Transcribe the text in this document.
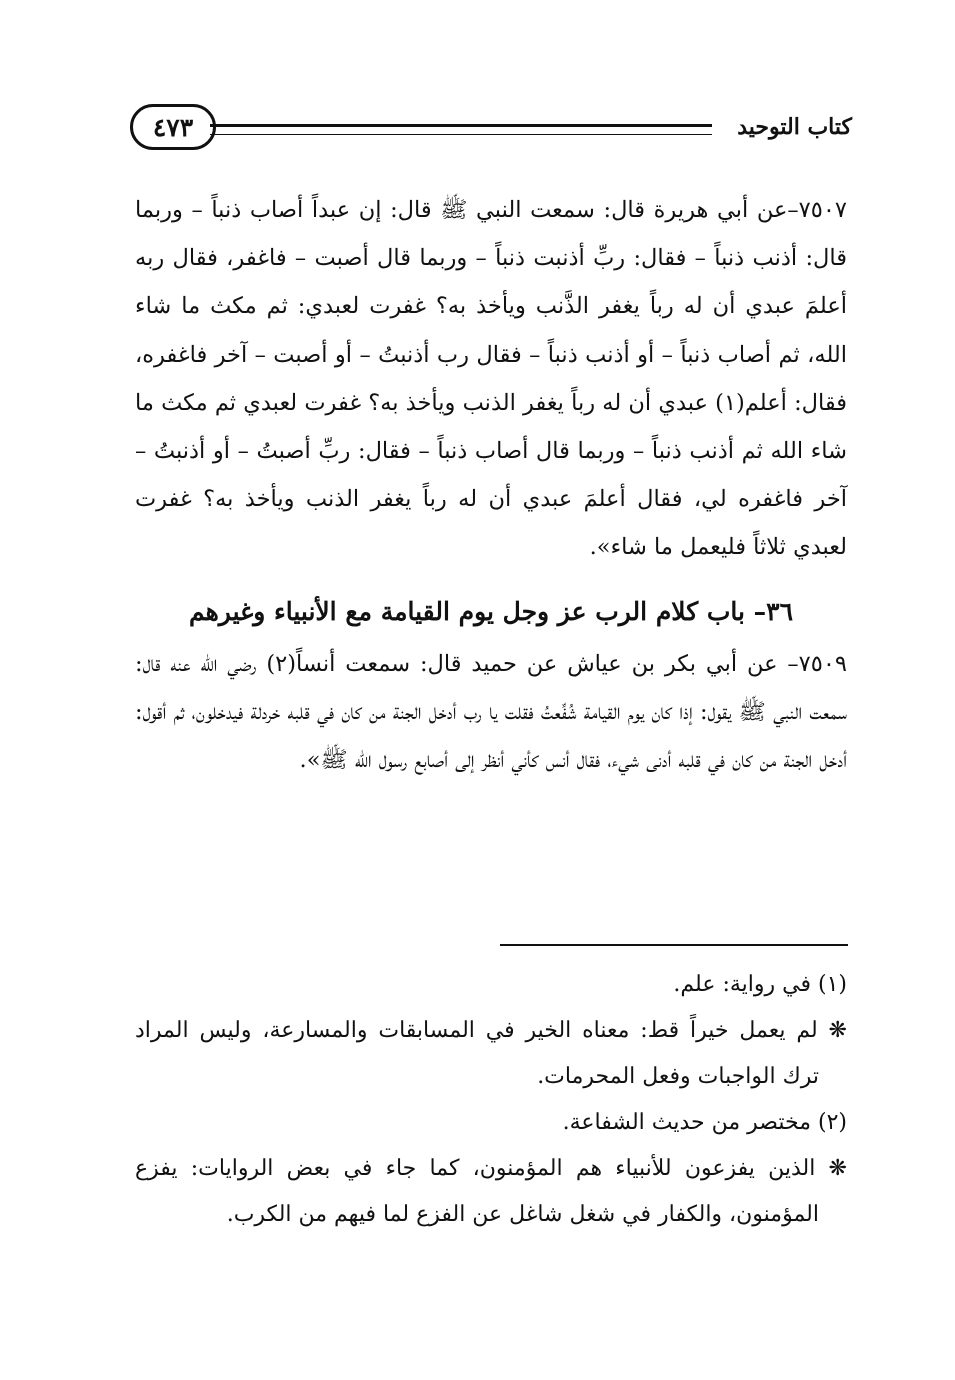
كتاب التوحيد
٤٧٣

٧٥٠٧–عن أبي هريرة قال: سمعت النبي ﷺ قال: إن عبداً أصاب ذنباً – وربما قال: أذنب ذنباً – فقال: ربِّ أذنبت ذنباً – وربما قال أصبت – فاغفر، فقال ربه أعلمَ عبدي أن له رباً يغفر الذَّنب ويأخذ به؟ غفرت لعبدي: ثم مكث ما شاء الله، ثم أصاب ذنباً – أو أذنب ذنباً – فقال رب أذنبتُ – أو أصبت – آخر فاغفره، فقال: أعلم(١) عبدي أن له رباً يغفر الذنب ويأخذ به؟ غفرت لعبدي ثم مكث ما شاء الله ثم أذنب ذنباً – وربما قال أصاب ذنباً – فقال: ربِّ أصبتُ – أو أذنبتُ – آخر فاغفره لي، فقال أعلمَ عبدي أن له رباً يغفر الذنب ويأخذ به؟ غفرت لعبدي ثلاثاً فليعمل ما شاء».

٣٦– باب كلام الرب عز وجل يوم القيامة مع الأنبياء وغيرهم

٧٥٠٩– عن أبي بكر بن عياش عن حميد قال: سمعت أنساً(٢) رضي الله عنه قال: سمعت النبي ﷺ يقول: إذا كان يوم القيامة شُفِّعتُ فقلت يا رب أدخل الجنة من كان في قلبه خردلة فيدخلون، ثم أقول: أدخل الجنة من كان في قلبه أدنى شيء، فقال أنس كأني أنظر إلى أصابع رسول الله ﷺ».

(١) في رواية: علم.

❋ لم يعمل خيراً قط: معناه الخير في المسابقات والمسارعة، وليس المراد ترك الواجبات وفعل المحرمات.

(٢) مختصر من حديث الشفاعة.

❋ الذين يفزعون للأنبياء هم المؤمنون، كما جاء في بعض الروايات: يفزع المؤمنون، والكفار في شغل شاغل عن الفزع لما فيهم من الكرب.
